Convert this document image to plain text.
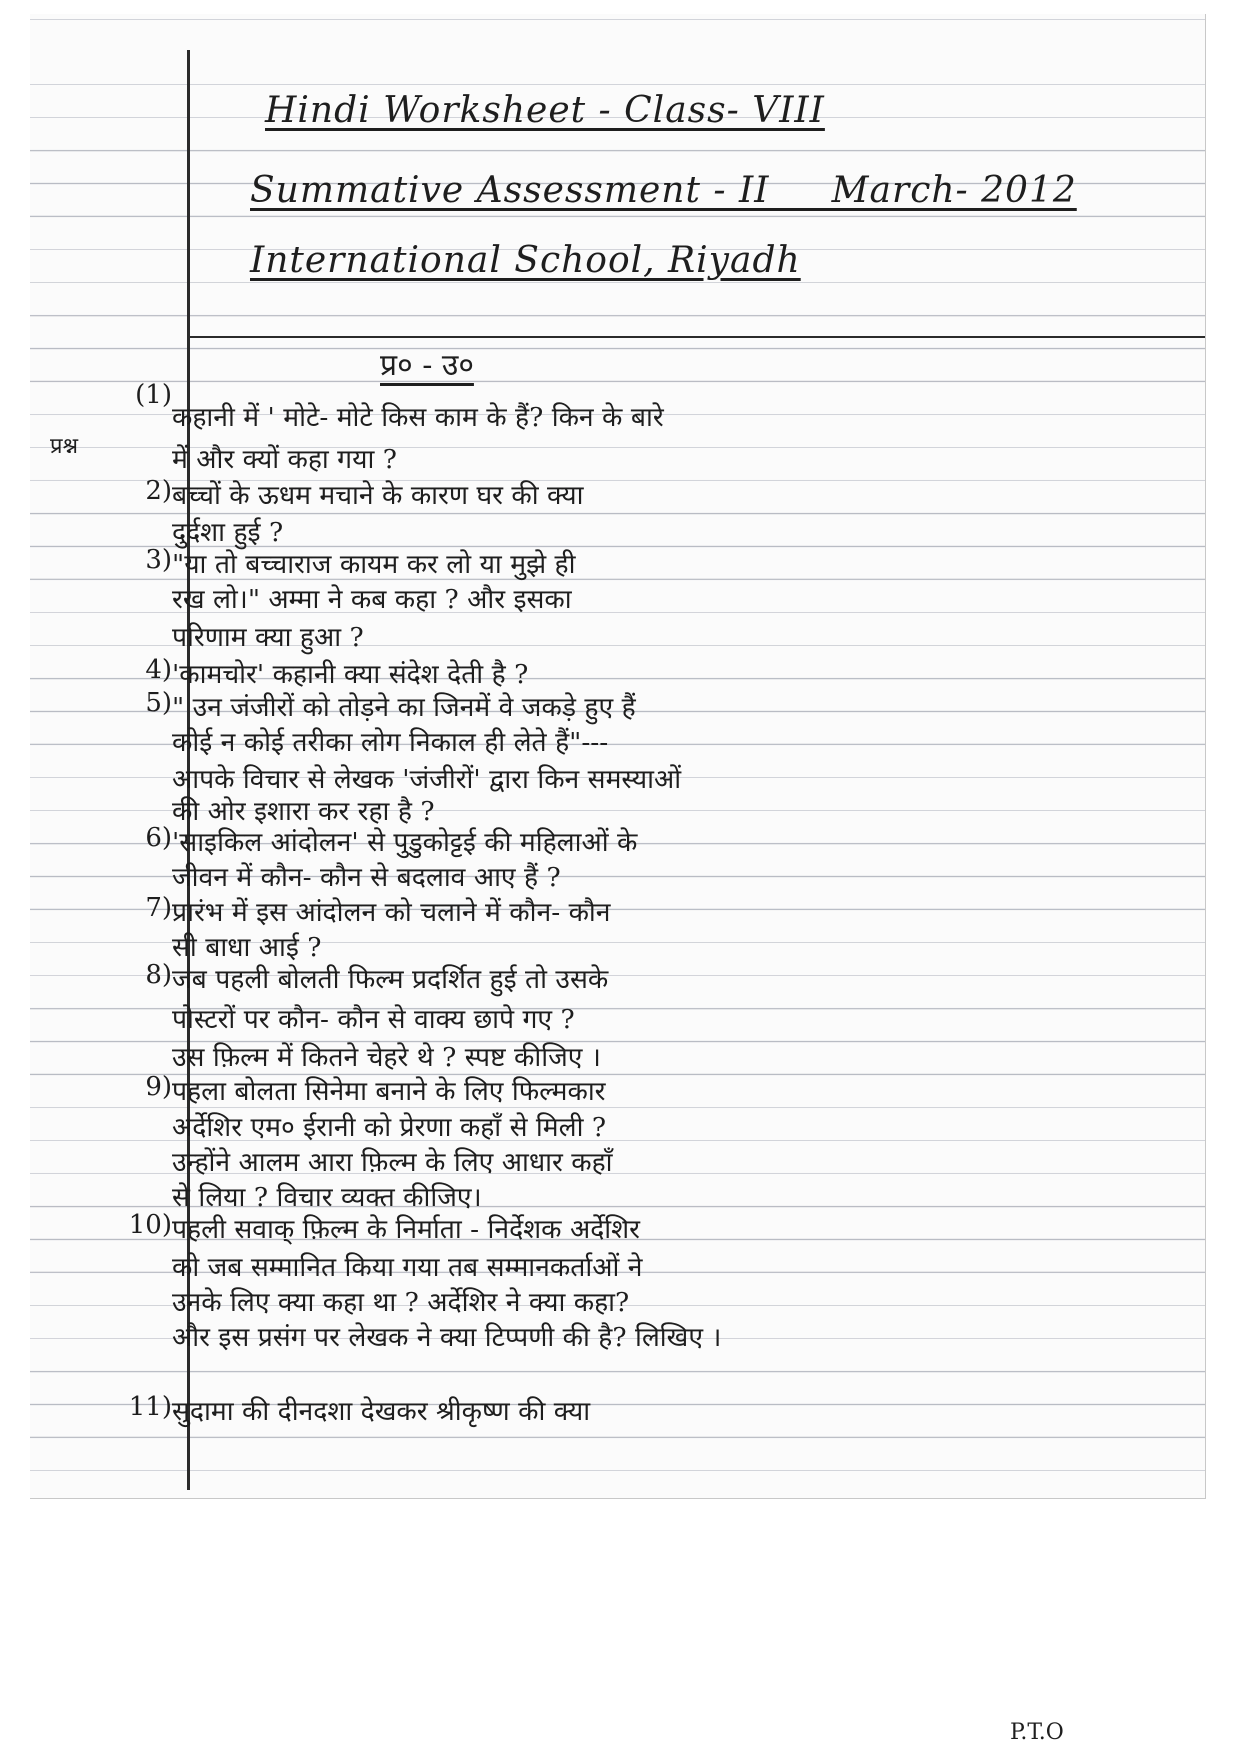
Hindi Worksheet - Class- VIII
Summative Assessment - II     March- 2012
International School, Riyadh
प्र० - उ०
प्रश्न
(1)
कहानी में ' मोटे- मोटे किस काम के हैं? किन के बारे
में और क्यों कहा गया ?
2) बच्चों के ऊधम मचाने के कारण घर की क्या
दुर्दशा हुई ?
3) "या तो बच्चाराज कायम कर लो या मुझे ही
रख लो।" अम्मा ने कब कहा ? और इसका
परिणाम क्या हुआ ?
4) 'कामचोर' कहानी क्या संदेश देती है ?
5) " उन जंजीरों को तोड़ने का जिनमें वे जकड़े हुए हैं
कोई न कोई तरीका लोग निकाल ही लेते हैं"---
आपके विचार से लेखक 'जंजीरों' द्वारा किन समस्याओं
की ओर इशारा कर रहा है ?
6) 'साइकिल आंदोलन' से पुडुकोट्टई की महिलाओं के
जीवन में कौन- कौन से बदलाव आए हैं ?
7) प्रारंभ में इस आंदोलन को चलाने में कौन- कौन
सी बाधा आई ?
8) जब पहली बोलती फिल्म प्रदर्शित हुई तो उसके
पोस्टरों पर कौन- कौन से वाक्य छापे गए ?
उस फ़िल्म में कितने चेहरे थे ? स्पष्ट कीजिए ।
9) पहला बोलता सिनेमा बनाने के लिए फिल्मकार
अर्देशिर एम० ईरानी को प्रेरणा कहाँ से मिली ?
उन्होंने आलम आरा फ़िल्म के लिए आधार कहाँ
से लिया ? विचार व्यक्त कीजिए।
10) पहली सवाक् फ़िल्म के निर्माता - निर्देशक अर्देशिर
को जब सम्मानित किया गया तब सम्मानकर्ताओं ने
उनके लिए क्या कहा था ? अर्देशिर ने क्या कहा?
और इस प्रसंग पर लेखक ने क्या टिप्पणी की है? लिखिए ।
11) सुदामा की दीनदशा देखकर श्रीकृष्ण की क्या
P.T.O
